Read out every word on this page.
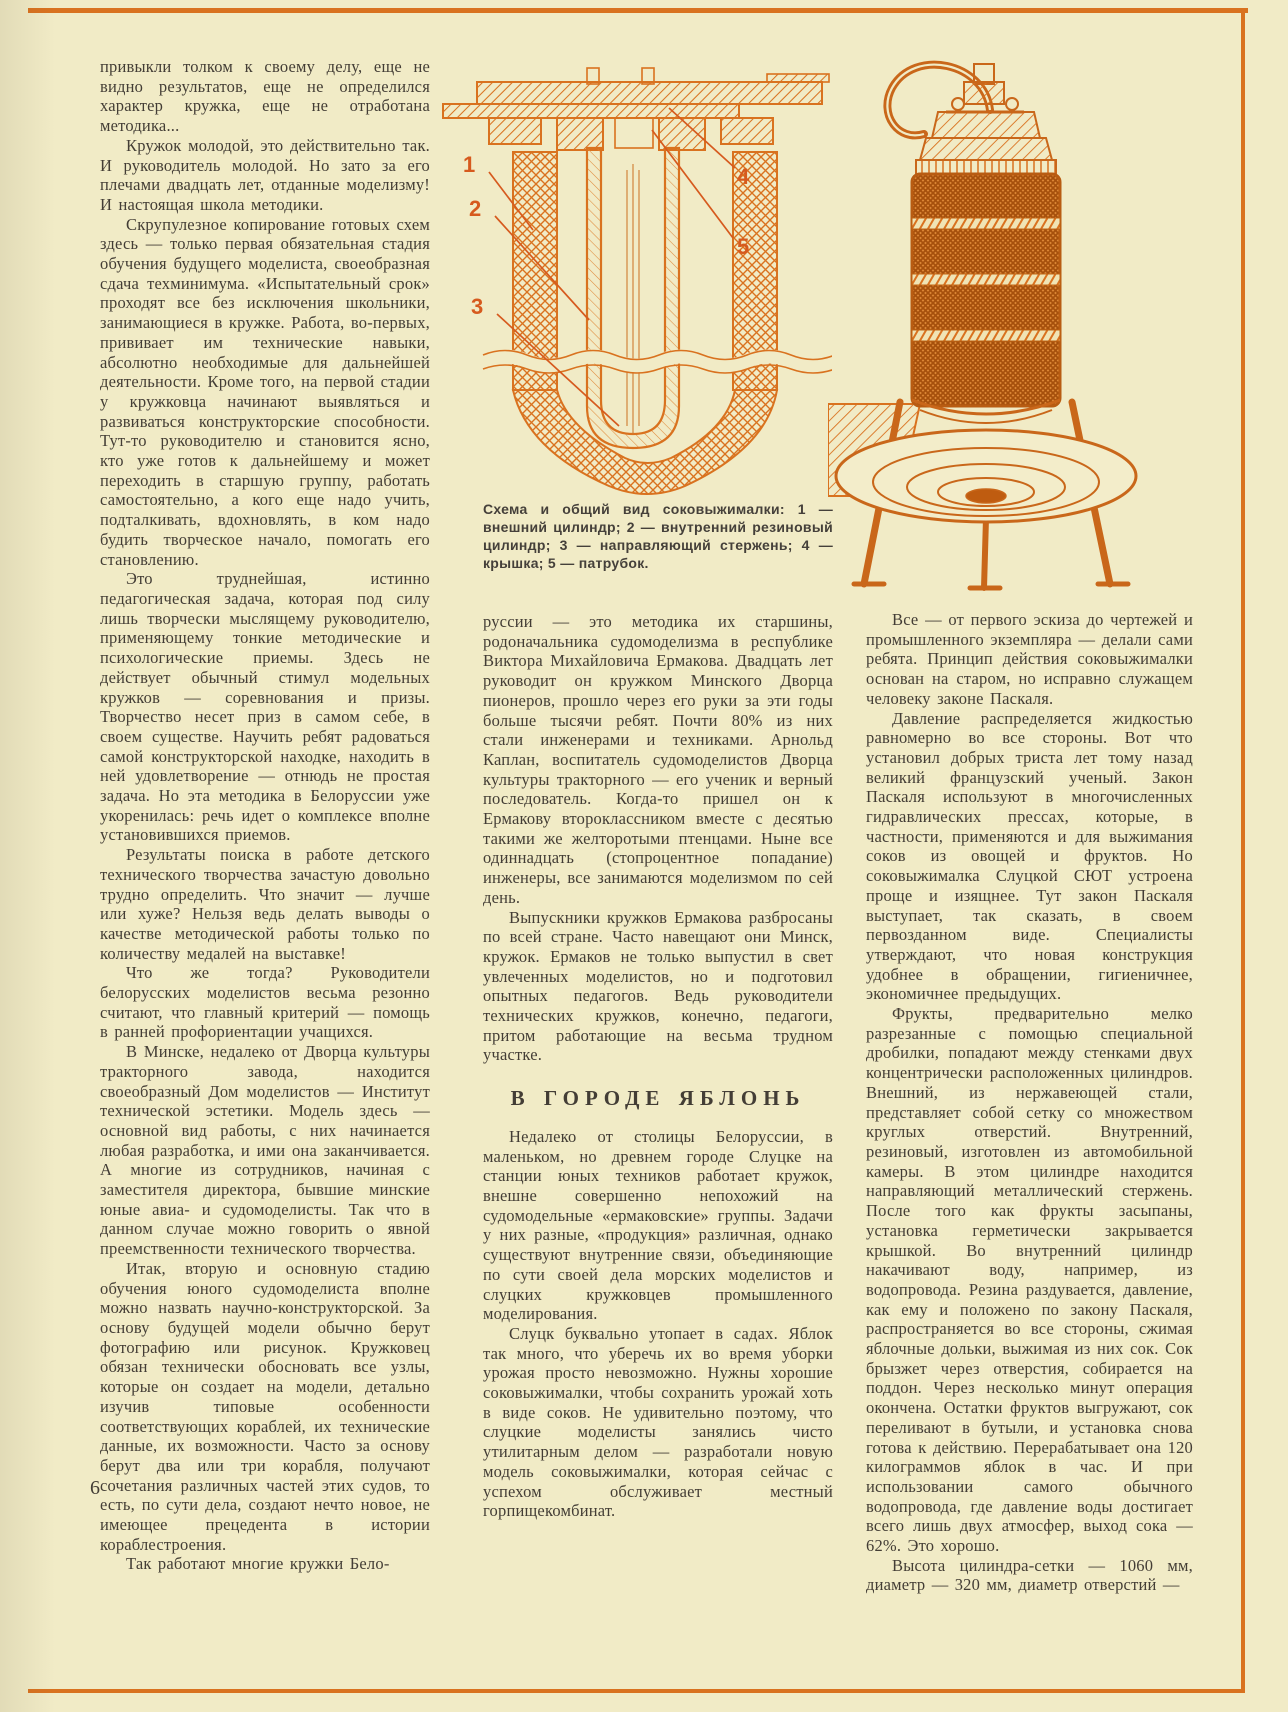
привыкли толком к своему делу, еще не видно результатов, еще не определился характер кружка, еще не отработана методика...

Кружок молодой, это действительно так. И руководитель молодой. Но зато за его плечами двадцать лет, отданные моделизму! И настоящая школа методики.

Скрупулезное копирование готовых схем здесь — только первая обязательная стадия обучения будущего моделиста, своеобразная сдача техминимума. «Испытательный срок» проходят все без исключения школьники, занимающиеся в кружке. Работа, во-первых, прививает им технические навыки, абсолютно необходимые для дальнейшей деятельности. Кроме того, на первой стадии у кружковца начинают выявляться и развиваться конструкторские способности. Тут-то руководителю и становится ясно, кто уже готов к дальнейшему и может переходить в старшую группу, работать самостоятельно, а кого еще надо учить, подталкивать, вдохновлять, в ком надо будить творческое начало, помогать его становлению.

Это труднейшая, истинно педагогическая задача, которая под силу лишь творчески мыслящему руководителю, применяющему тонкие методические и психологические приемы. Здесь не действует обычный стимул модельных кружков — соревнования и призы. Творчество несет приз в самом себе, в своем существе. Научить ребят радоваться самой конструкторской находке, находить в ней удовлетворение — отнюдь не простая задача. Но эта методика в Белоруссии уже укоренилась: речь идет о комплексе вполне установившихся приемов.

Результаты поиска в работе детского технического творчества зачастую довольно трудно определить. Что значит — лучше или хуже? Нельзя ведь делать выводы о качестве методической работы только по количеству медалей на выставке!

Что же тогда? Руководители белорусских моделистов весьма резонно считают, что главный критерий — помощь в ранней профориентации учащихся.

В Минске, недалеко от Дворца культуры тракторного завода, находится своеобразный Дом моделистов — Институт технической эстетики. Модель здесь — основной вид работы, с них начинается любая разработка, и ими она заканчивается. А многие из сотрудников, начиная с заместителя директора, бывшие минские юные авиа- и судомоделисты. Так что в данном случае можно говорить о явной преемственности технического творчества.

Итак, вторую и основную стадию обучения юного судомоделиста вполне можно назвать научно-конструкторской. За основу будущей модели обычно берут фотографию или рисунок. Кружковец обязан технически обосновать все узлы, которые он создает на модели, детально изучив типовые особенности соответствующих кораблей, их технические данные, их возможности. Часто за основу берут два или три корабля, получают сочетания различных частей этих судов, то есть, по сути дела, создают нечто новое, не имеющее прецедента в истории кораблестроения.

Так работают многие кружки Бело-

1
2
3
4
5

Схема и общий вид соковыжималки: 1 — внешний цилиндр; 2 — внутренний резиновый цилиндр; 3 — направляющий стержень; 4 — крышка; 5 — патрубок.

руссии — это методика их старшины, родоначальника судомоделизма в республике Виктора Михайловича Ермакова. Двадцать лет руководит он кружком Минского Дворца пионеров, прошло через его руки за эти годы больше тысячи ребят. Почти 80% из них стали инженерами и техниками. Арнольд Каплан, воспитатель судомоделистов Дворца культуры тракторного — его ученик и верный последователь. Когда-то пришел он к Ермакову второклассником вместе с десятью такими же желторотыми птенцами. Ныне все одиннадцать (стопроцентное попадание) инженеры, все занимаются моделизмом по сей день.

Выпускники кружков Ермакова разбросаны по всей стране. Часто навещают они Минск, кружок. Ермаков не только выпустил в свет увлеченных моделистов, но и подготовил опытных педагогов. Ведь руководители технических кружков, конечно, педагоги, притом работающие на весьма трудном участке.

В ГОРОДЕ ЯБЛОНЬ

Недалеко от столицы Белоруссии, в маленьком, но древнем городе Слуцке на станции юных техников работает кружок, внешне совершенно непохожий на судомодельные «ермаковские» группы. Задачи у них разные, «продукция» различная, однако существуют внутренние связи, объединяющие по сути своей дела морских моделистов и слуцких кружковцев промышленного моделирования.

Слуцк буквально утопает в садах. Яблок так много, что уберечь их во время уборки урожая просто невозможно. Нужны хорошие соковыжималки, чтобы сохранить урожай хоть в виде соков. Не удивительно поэтому, что слуцкие моделисты занялись чисто утилитарным делом — разработали новую модель соковыжималки, которая сейчас с успехом обслуживает местный горпищекомбинат.

Все — от первого эскиза до чертежей и промышленного экземпляра — делали сами ребята. Принцип действия соковыжималки основан на старом, но исправно служащем человеку законе Паскаля.

Давление распределяется жидкостью равномерно во все стороны. Вот что установил добрых триста лет тому назад великий французский ученый. Закон Паскаля используют в многочисленных гидравлических прессах, которые, в частности, применяются и для выжимания соков из овощей и фруктов. Но соковыжималка Слуцкой СЮТ устроена проще и изящнее. Тут закон Паскаля выступает, так сказать, в своем первозданном виде. Специалисты утверждают, что новая конструкция удобнее в обращении, гигиеничнее, экономичнее предыдущих.

Фрукты, предварительно мелко разрезанные с помощью специальной дробилки, попадают между стенками двух концентрически расположенных цилиндров. Внешний, из нержавеющей стали, представляет собой сетку со множеством круглых отверстий. Внутренний, резиновый, изготовлен из автомобильной камеры. В этом цилиндре находится направляющий металлический стержень. После того как фрукты засыпаны, установка герметически закрывается крышкой. Во внутренний цилиндр накачивают воду, например, из водопровода. Резина раздувается, давление, как ему и положено по закону Паскаля, распространяется во все стороны, сжимая яблочные дольки, выжимая из них сок. Сок брызжет через отверстия, собирается на поддон. Через несколько минут операция окончена. Остатки фруктов выгружают, сок переливают в бутыли, и установка снова готова к действию. Перерабатывает она 120 килограммов яблок в час. И при использовании самого обычного водопровода, где давление воды достигает всего лишь двух атмосфер, выход сока — 62%. Это хорошо.

Высота цилиндра-сетки — 1060 мм, диаметр — 320 мм, диаметр отверстий —

6
